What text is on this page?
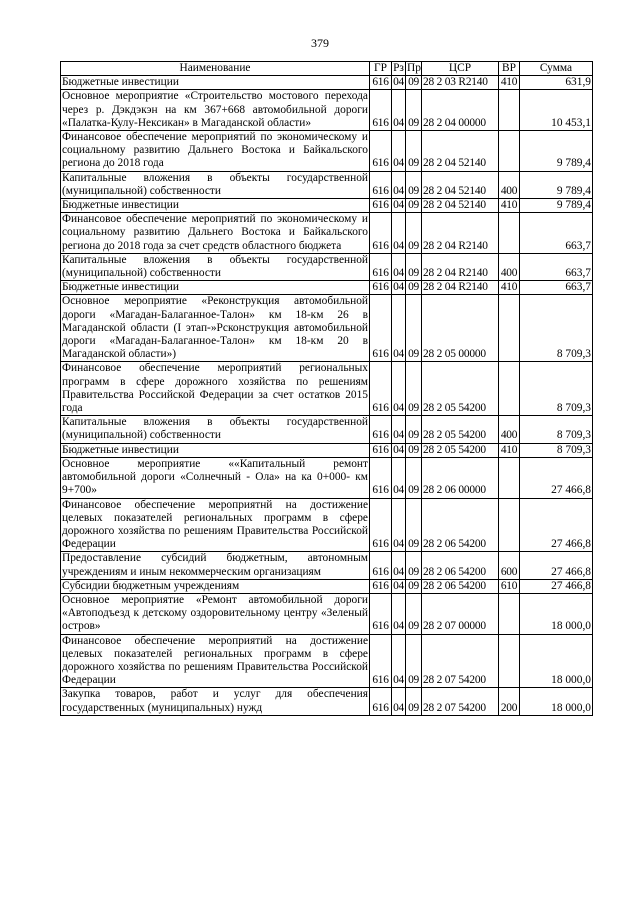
379
Наименование	ГР	Рз	Пр	ЦСР	ВР	Сумма
Бюджетные инвестиции	616	04	09	28 2 03 R2140	410	631,9
Основное мероприятие «Строительство мостового перехода через р. Дэкдэкэн на км 367+668 автомобильной дороги «Палатка-Кулу-Нексикан» в Магаданской области»	616	04	09	28 2 04 00000		10 453,1
Финансовое обеспечение мероприятий по экономическому и социальному развитию Дальнего Востока и Байкальского региона до 2018 года	616	04	09	28 2 04 52140		9 789,4
Капитальные вложения в объекты государственной (муниципальной) собственности	616	04	09	28 2 04 52140	400	9 789,4
Бюджетные инвестиции	616	04	09	28 2 04 52140	410	9 789,4
Финансовое обеспечение мероприятий по экономическому и социальному развитию Дальнего Востока и Байкальского региона до 2018 года за счет средств областного бюджета	616	04	09	28 2 04 R2140		663,7
Капитальные вложения в объекты государственной (муниципальной) собственности	616	04	09	28 2 04 R2140	400	663,7
Бюджетные инвестиции	616	04	09	28 2 04 R2140	410	663,7
Основное мероприятие «Реконструкция автомобильной дороги «Магадан-Балаганное-Талон» км 18-км 26 в Магаданской области (I этап-»Рсконструкция автомобильной дороги «Магадан-Балаганное-Талон» км 18-км 20 в Магаданской области»)	616	04	09	28 2 05 00000		8 709,3
Финансовое обеспечение мероприятий региональных программ в сфере дорожного хозяйства по решениям Правительства Российской Федерации за счет остатков 2015 года	616	04	09	28 2 05 54200		8 709,3
Капитальные вложения в объекты государственной (муниципальной) собственности	616	04	09	28 2 05 54200	400	8 709,3
Бюджетные инвестиции	616	04	09	28 2 05 54200	410	8 709,3
Основное мероприятие ««Капитальный ремонт автомобильной дороги «Солнечный - Ола» на ка 0+000- км 9+700»	616	04	09	28 2 06 00000		27 466,8
Финансовое обеспечение мероприятнй на достижение целевых показателей региональных программ в сфере дорожного хозяйства по решениям Правительства Российской Федерации	616	04	09	28 2 06 54200		27 466,8
Предоставление субсидий бюджетным, автономным учреждениям и иным некоммерческим организациям	616	04	09	28 2 06 54200	600	27 466,8
Субсидии бюджетным учреждениям	616	04	09	28 2 06 54200	610	27 466,8
Основное мероприятие «Ремонт автомобильной дороги «Автоподъезд к детскому оздоровительному центру «Зеленый остров»	616	04	09	28 2 07 00000		18 000,0
Финансовое обеспечение мероприятий на достижение целевых показателей региональных программ в сфере дорожного хозяйства по решениям Правительства Российской Федерации	616	04	09	28 2 07 54200		18 000,0
Закупка товаров, работ и услуг для обеспечения государственных (муниципальных) нужд	616	04	09	28 2 07 54200	200	18 000,0
